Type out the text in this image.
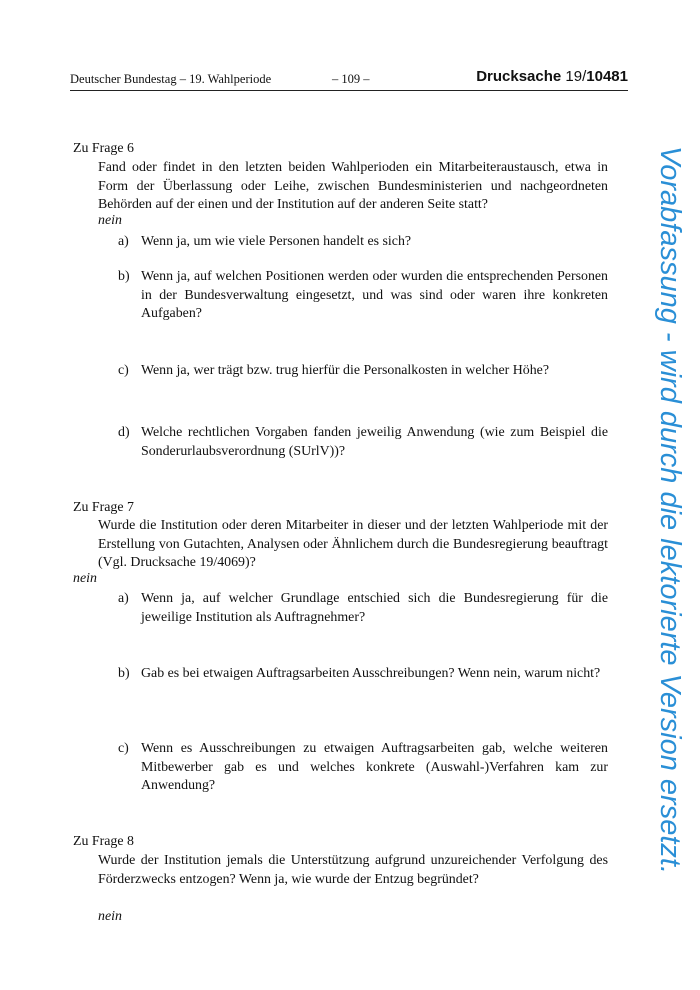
Deutscher Bundestag – 19. Wahlperiode	– 109 –	Drucksache 19/10481
Zu Frage 6
Fand oder findet in den letzten beiden Wahlperioden ein Mitarbeiteraustausch, etwa in Form der Überlassung oder Leihe, zwischen Bundesministerien und nachgeordneten Behörden auf der einen und der Institution auf der anderen Seite statt?
nein
a) Wenn ja, um wie viele Personen handelt es sich?
b) Wenn ja, auf welchen Positionen werden oder wurden die entsprechenden Personen in der Bundesverwaltung eingesetzt, und was sind oder waren ihre konkreten Aufgaben?
c) Wenn ja, wer trägt bzw. trug hierfür die Personalkosten in welcher Höhe?
d) Welche rechtlichen Vorgaben fanden jeweilig Anwendung (wie zum Beispiel die Sonderurlaubsverordnung (SUrlV))?
Zu Frage 7
Wurde die Institution oder deren Mitarbeiter in dieser und der letzten Wahlperiode mit der Erstellung von Gutachten, Analysen oder Ähnlichem durch die Bundesregierung beauftragt (Vgl. Drucksache 19/4069)?
nein
a) Wenn ja, auf welcher Grundlage entschied sich die Bundesregierung für die jeweilige Institution als Auftragnehmer?
b) Gab es bei etwaigen Auftragsarbeiten Ausschreibungen? Wenn nein, warum nicht?
c) Wenn es Ausschreibungen zu etwaigen Auftragsarbeiten gab, welche weiteren Mitbewerber gab es und welches konkrete (Auswahl-)Verfahren kam zur Anwendung?
Zu Frage 8
Wurde der Institution jemals die Unterstützung aufgrund unzureichender Verfolgung des Förderzwecks entzogen? Wenn ja, wie wurde der Entzug begründet?
nein
Vorabfassung - wird durch die lektorierte Version ersetzt.
